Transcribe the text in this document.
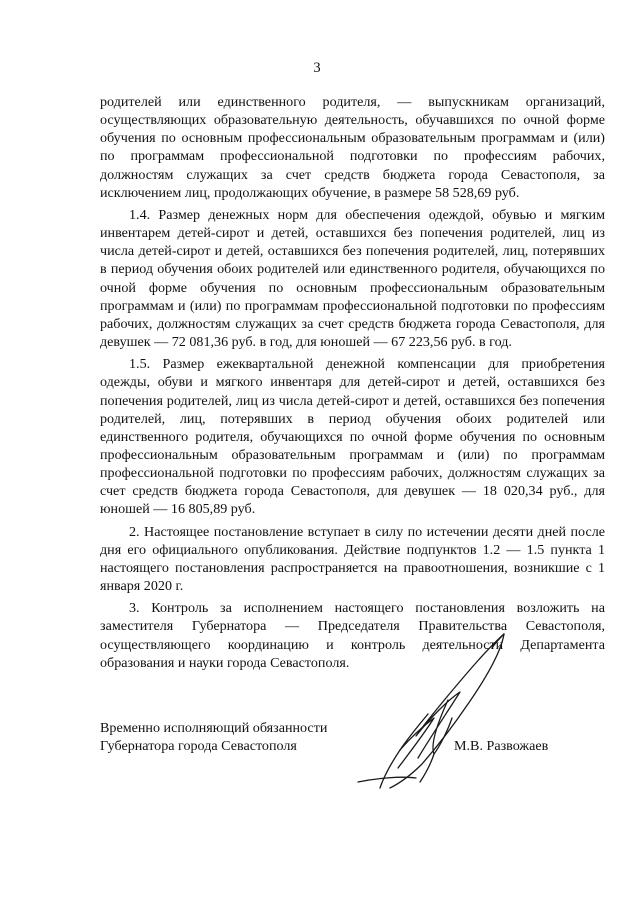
3

родителей или единственного родителя, — выпускникам организаций, осуществляющих образовательную деятельность, обучавшихся по очной форме обучения по основным профессиональным образовательным программам и (или) по программам профессиональной подготовки по профессиям рабочих, должностям служащих за счет средств бюджета города Севастополя, за исключением лиц, продолжающих обучение, в размере 58 528,69 руб.

1.4. Размер денежных норм для обеспечения одеждой, обувью и мягким инвентарем детей-сирот и детей, оставшихся без попечения родителей, лиц из числа детей-сирот и детей, оставшихся без попечения родителей, лиц, потерявших в период обучения обоих родителей или единственного родителя, обучающихся по очной форме обучения по основным профессиональным образовательным программам и (или) по программам профессиональной подготовки по профессиям рабочих, должностям служащих за счет средств бюджета города Севастополя, для девушек — 72 081,36 руб. в год, для юношей — 67 223,56 руб. в год.

1.5. Размер ежеквартальной денежной компенсации для приобретения одежды, обуви и мягкого инвентаря для детей-сирот и детей, оставшихся без попечения родителей, лиц из числа детей-сирот и детей, оставшихся без попечения родителей, лиц, потерявших в период обучения обоих родителей или единственного родителя, обучающихся по очной форме обучения по основным профессиональным образовательным программам и (или) по программам профессиональной подготовки по профессиям рабочих, должностям служащих за счет средств бюджета города Севастополя, для девушек — 18 020,34 руб., для юношей — 16 805,89 руб.

2. Настоящее постановление вступает в силу по истечении десяти дней после дня его официального опубликования. Действие подпунктов 1.2 — 1.5 пункта 1 настоящего постановления распространяется на правоотношения, возникшие с 1 января 2020 г.

3. Контроль за исполнением настоящего постановления возложить на заместителя Губернатора — Председателя Правительства Севастополя, осуществляющего координацию и контроль деятельности Департамента образования и науки города Севастополя.

Временно исполняющий обязанности
Губернатора города Севастополя	М.В. Развожаев
